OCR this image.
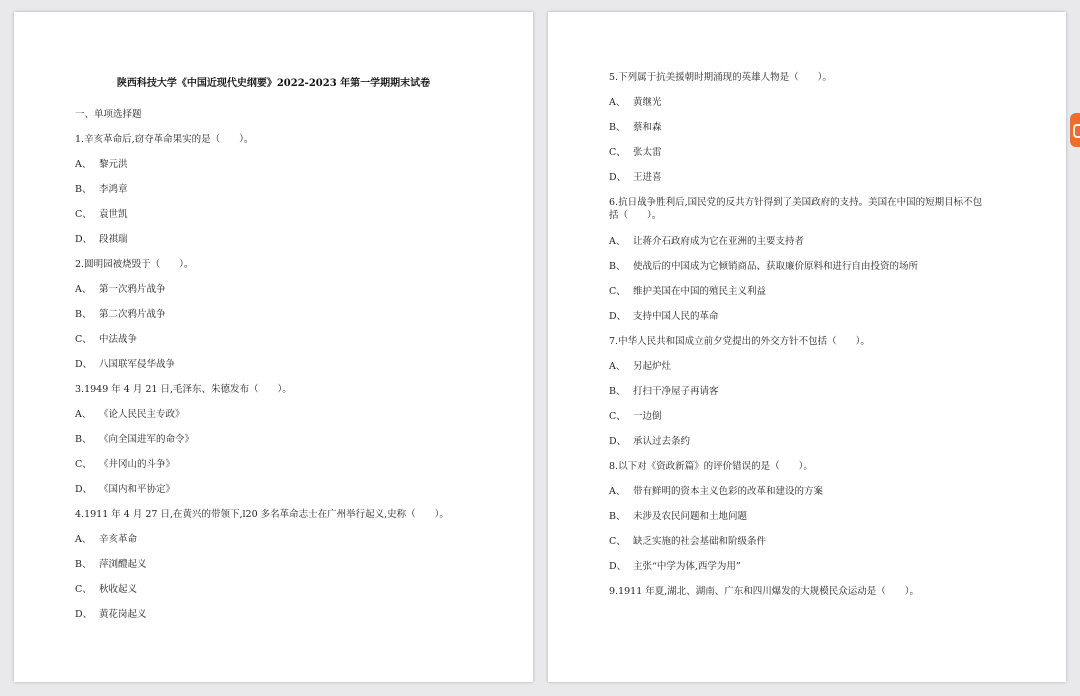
陕西科技大学《中国近现代史纲要》2022-2023 年第一学期期末试卷
一、单项选择题
1.辛亥革命后,窃夺革命果实的是（　　）。
A、 黎元洪
B、 李鸿章
C、 袁世凯
D、 段祺瑞
2.圆明园被烧毁于（　　）。
A、 第一次鸦片战争
B、 第二次鸦片战争
C、 中法战争
D、 八国联军侵华战争
3.1949 年 4 月 21 日,毛泽东、朱德发布（　　）。
A、 《论人民民主专政》
B、 《向全国进军的命令》
C、 《井冈山的斗争》
D、 《国内和平协定》
4.1911 年 4 月 27 日,在黄兴的带领下,l20 多名革命志士在广州举行起义,史称（　　）。
A、 辛亥革命
B、 萍浏醴起义
C、 秋收起义
D、 黄花岗起义
5.下列属于抗美援朝时期涌现的英雄人物是（　　）。
A、 黄继光
B、 蔡和森
C、 张太雷
D、 王进喜
6.抗日战争胜利后,国民党的反共方针得到了美国政府的支持。美国在中国的短期目标不包
括（　　）。
A、 让蒋介石政府成为它在亚洲的主要支持者
B、 使战后的中国成为它倾销商品、获取廉价原料和进行自由投资的场所
C、 维护美国在中国的殖民主义利益
D、 支持中国人民的革命
7.中华人民共和国成立前夕党提出的外交方针不包括（　　）。
A、 另起炉灶
B、 打扫干净屋子再请客
C、 一边倒
D、 承认过去条约
8.以下对《资政新篇》的评价错误的是（　　）。
A、 带有鲜明的资本主义色彩的改革和建设的方案
B、 未涉及农民问题和土地问题
C、 缺乏实施的社会基础和阶级条件
D、 主张“中学为体,西学为用”
9.1911 年夏,湖北、湖南、广东和四川爆发的大规模民众运动是（　　）。
